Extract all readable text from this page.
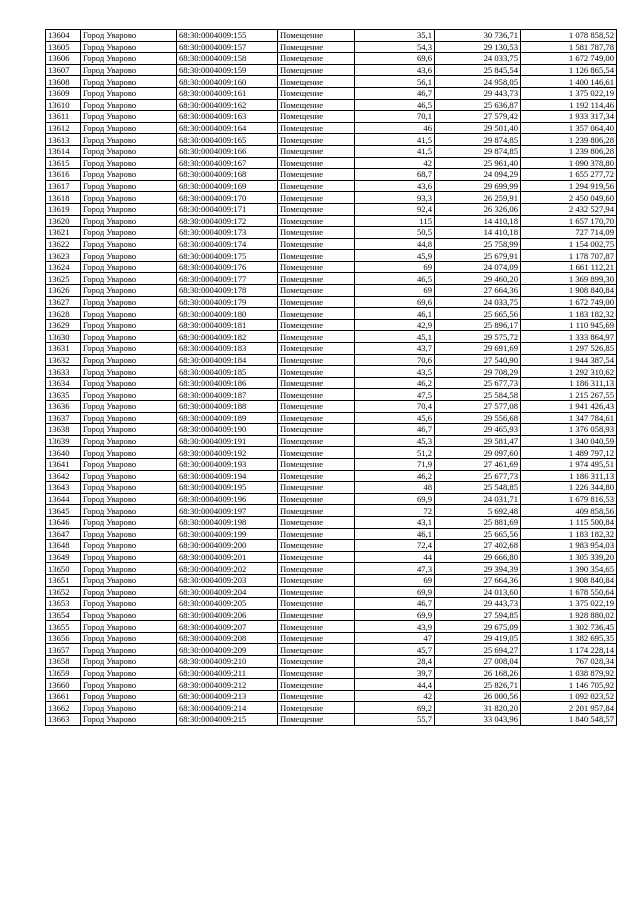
13604	Город Уварово	68:30:0004009:155	Помещение	35,1	30 736,71	1 078 858,52
13605	Город Уварово	68:30:0004009:157	Помещение	54,3	29 130,53	1 581 787,78
13606	Город Уварово	68:30:0004009:158	Помещение	69,6	24 033,75	1 672 749,00
13607	Город Уварово	68:30:0004009:159	Помещение	43,6	25 845,54	1 126 865,54
13608	Город Уварово	68:30:0004009:160	Помещение	56,1	24 958,05	1 400 146,61
13609	Город Уварово	68:30:0004009:161	Помещение	46,7	29 443,73	1 375 022,19
13610	Город Уварово	68:30:0004009:162	Помещение	46,5	25 636,87	1 192 114,46
13611	Город Уварово	68:30:0004009:163	Помещение	70,1	27 579,42	1 933 317,34
13612	Город Уварово	68:30:0004009:164	Помещение	46	29 501,40	1 357 064,40
13613	Город Уварово	68:30:0004009:165	Помещение	41,5	29 874,85	1 239 806,28
13614	Город Уварово	68:30:0004009:166	Помещение	41,5	29 874,85	1 239 806,28
13615	Город Уварово	68:30:0004009:167	Помещение	42	25 961,40	1 090 378,80
13616	Город Уварово	68:30:0004009:168	Помещение	68,7	24 094,29	1 655 277,72
13617	Город Уварово	68:30:0004009:169	Помещение	43,6	29 699,99	1 294 919,56
13618	Город Уварово	68:30:0004009:170	Помещение	93,3	26 259,91	2 450 049,60
13619	Город Уварово	68:30:0004009:171	Помещение	92,4	26 326,06	2 432 527,94
13620	Город Уварово	68:30:0004009:172	Помещение	115	14 410,18	1 657 170,70
13621	Город Уварово	68:30:0004009:173	Помещение	50,5	14 410,18	727 714,09
13622	Город Уварово	68:30:0004009:174	Помещение	44,8	25 758,99	1 154 002,75
13623	Город Уварово	68:30:0004009:175	Помещение	45,9	25 679,91	1 178 707,87
13624	Город Уварово	68:30:0004009:176	Помещение	69	24 074,09	1 661 112,21
13625	Город Уварово	68:30:0004009:177	Помещение	46,5	29 460,20	1 369 899,30
13626	Город Уварово	68:30:0004009:178	Помещение	69	27 664,36	1 908 840,84
13627	Город Уварово	68:30:0004009:179	Помещение	69,6	24 033,75	1 672 749,00
13628	Город Уварово	68:30:0004009:180	Помещение	46,1	25 665,56	1 183 182,32
13629	Город Уварово	68:30:0004009:181	Помещение	42,9	25 896,17	1 110 945,69
13630	Город Уварово	68:30:0004009:182	Помещение	45,1	29 575,72	1 333 864,97
13631	Город Уварово	68:30:0004009:183	Помещение	43,7	29 691,69	1 297 526,85
13632	Город Уварово	68:30:0004009:184	Помещение	70,6	27 540,90	1 944 387,54
13633	Город Уварово	68:30:0004009:185	Помещение	43,5	29 708,29	1 292 310,62
13634	Город Уварово	68:30:0004009:186	Помещение	46,2	25 677,73	1 186 311,13
13635	Город Уварово	68:30:0004009:187	Помещение	47,5	25 584,58	1 215 267,55
13636	Город Уварово	68:30:0004009:188	Помещение	70,4	27 577,08	1 941 426,43
13637	Город Уварово	68:30:0004009:189	Помещение	45,6	29 556,68	1 347 784,61
13638	Город Уварово	68:30:0004009:190	Помещение	46,7	29 465,93	1 376 058,93
13639	Город Уварово	68:30:0004009:191	Помещение	45,3	29 581,47	1 340 040,59
13640	Город Уварово	68:30:0004009:192	Помещение	51,2	29 097,60	1 489 797,12
13641	Город Уварово	68:30:0004009:193	Помещение	71,9	27 461,69	1 974 495,51
13642	Город Уварово	68:30:0004009:194	Помещение	46,2	25 677,73	1 186 311,13
13643	Город Уварово	68:30:0004009:195	Помещение	48	25 548,85	1 226 344,80
13644	Город Уварово	68:30:0004009:196	Помещение	69,9	24 031,71	1 679 816,53
13645	Город Уварово	68:30:0004009:197	Помещение	72	5 692,48	409 858,56
13646	Город Уварово	68:30:0004009:198	Помещение	43,1	25 881,69	1 115 500,84
13647	Город Уварово	68:30:0004009:199	Помещение	46,1	25 665,56	1 183 182,32
13648	Город Уварово	68:30:0004009:200	Помещение	72,4	27 402,68	1 983 954,03
13649	Город Уварово	68:30:0004009:201	Помещение	44	29 666,80	1 305 339,20
13650	Город Уварово	68:30:0004009:202	Помещение	47,3	29 394,39	1 390 354,65
13651	Город Уварово	68:30:0004009:203	Помещение	69	27 664,36	1 908 840,84
13652	Город Уварово	68:30:0004009:204	Помещение	69,9	24 013,60	1 678 550,64
13653	Город Уварово	68:30:0004009:205	Помещение	46,7	29 443,73	1 375 022,19
13654	Город Уварово	68:30:0004009:206	Помещение	69,9	27 594,85	1 928 880,02
13655	Город Уварово	68:30:0004009:207	Помещение	43,9	29 675,09	1 302 736,45
13656	Город Уварово	68:30:0004009:208	Помещение	47	29 419,05	1 382 695,35
13657	Город Уварово	68:30:0004009:209	Помещение	45,7	25 694,27	1 174 228,14
13658	Город Уварово	68:30:0004009:210	Помещение	28,4	27 008,04	767 028,34
13659	Город Уварово	68:30:0004009:211	Помещение	39,7	26 168,26	1 038 879,92
13660	Город Уварово	68:30:0004009:212	Помещение	44,4	25 826,71	1 146 705,92
13661	Город Уварово	68:30:0004009:213	Помещение	42	26 000,56	1 092 023,52
13662	Город Уварово	68:30:0004009:214	Помещение	69,2	31 820,20	2 201 957,84
13663	Город Уварово	68:30:0004009:215	Помещение	55,7	33 043,96	1 840 548,57
